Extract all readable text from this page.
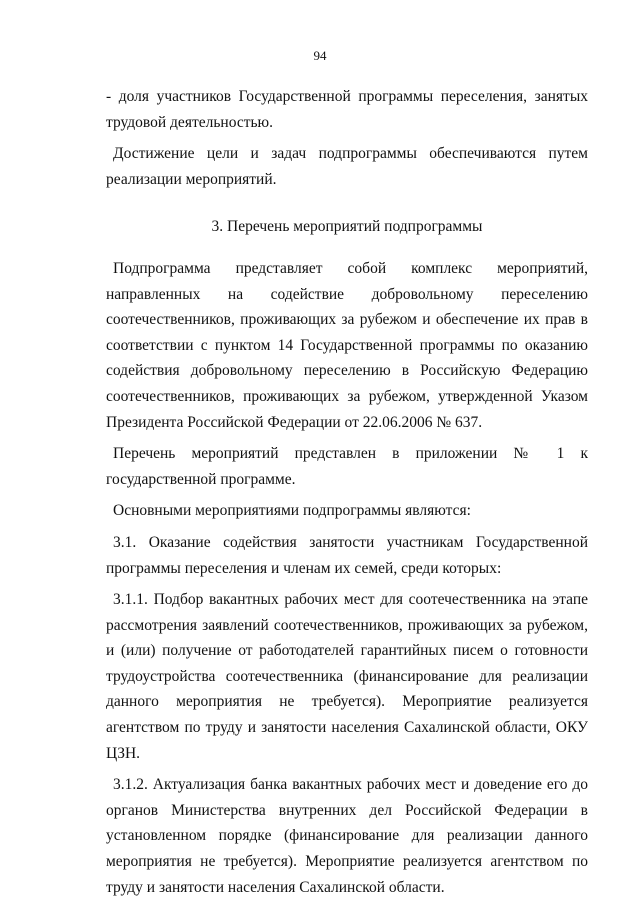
94

- доля участников Государственной программы переселения, занятых трудовой деятельностью.

Достижение цели и задач подпрограммы обеспечиваются путем реализации мероприятий.

3. Перечень мероприятий подпрограммы

Подпрограмма представляет собой комплекс мероприятий, направленных на содействие добровольному переселению соотечественников, проживающих за рубежом и обеспечение их прав в соответствии с пунктом 14 Государственной программы по оказанию содействия добровольному переселению в Российскую Федерацию соотечественников, проживающих за рубежом, утвержденной Указом Президента Российской Федерации от 22.06.2006 № 637.

Перечень мероприятий представлен в приложении № 1 к государственной программе.

Основными мероприятиями подпрограммы являются:

3.1. Оказание содействия занятости участникам Государственной программы переселения и членам их семей, среди которых:

3.1.1. Подбор вакантных рабочих мест для соотечественника на этапе рассмотрения заявлений соотечественников, проживающих за рубежом, и (или) получение от работодателей гарантийных писем о готовности трудоустройства соотечественника (финансирование для реализации данного мероприятия не требуется). Мероприятие реализуется агентством по труду и занятости населения Сахалинской области, ОКУ ЦЗН.

3.1.2. Актуализация банка вакантных рабочих мест и доведение его до органов Министерства внутренних дел Российской Федерации в установленном порядке (финансирование для реализации данного мероприятия не требуется). Мероприятие реализуется агентством по труду и занятости населения Сахалинской области.
